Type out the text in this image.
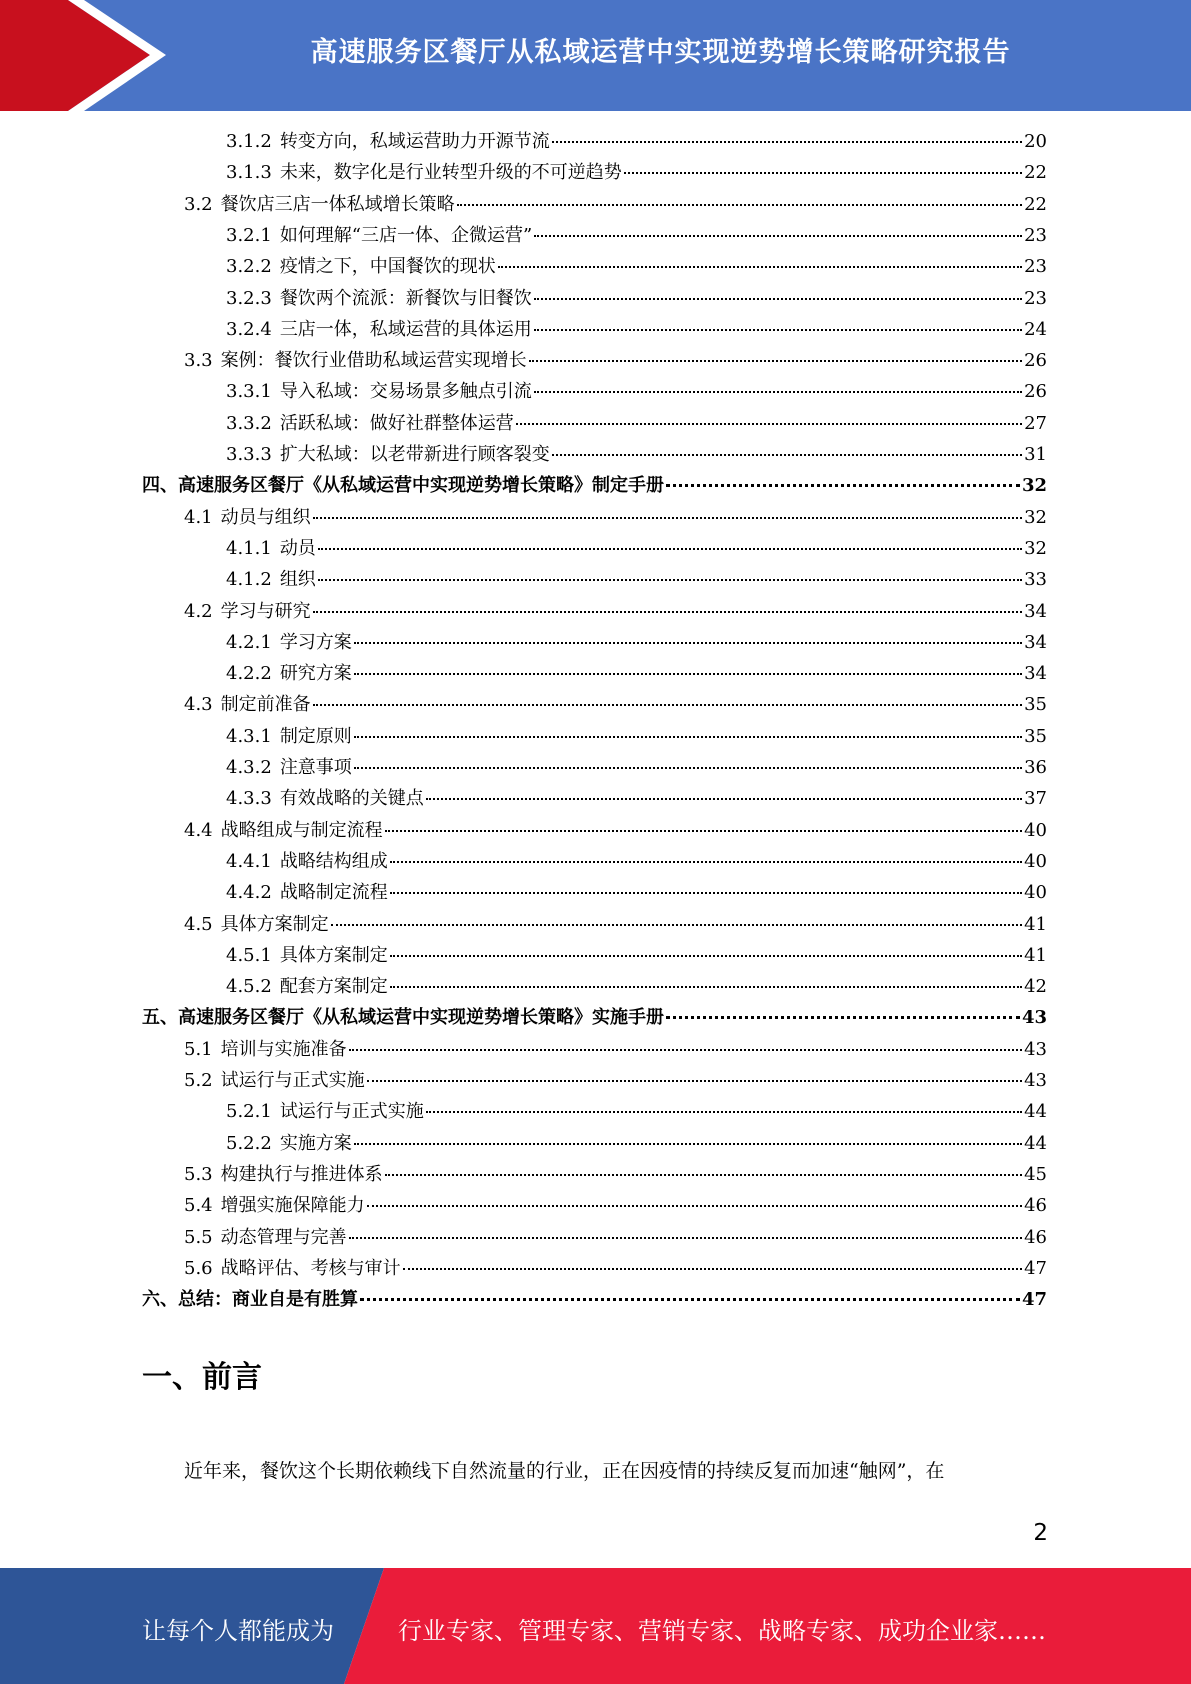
高速服务区餐厅从私域运营中实现逆势增长策略研究报告
3.1.2 转变方向，私域运营助力开源节流	20
3.1.3 未来，数字化是行业转型升级的不可逆趋势	22
3.2 餐饮店三店一体私域增长策略	22
3.2.1 如何理解“三店一体、企微运营”	23
3.2.2 疫情之下，中国餐饮的现状	23
3.2.3 餐饮两个流派：新餐饮与旧餐饮	23
3.2.4 三店一体，私域运营的具体运用	24
3.3 案例：餐饮行业借助私域运营实现增长	26
3.3.1 导入私域：交易场景多触点引流	26
3.3.2 活跃私域：做好社群整体运营	27
3.3.3 扩大私域：以老带新进行顾客裂变	31
四、高速服务区餐厅《从私域运营中实现逆势增长策略》制定手册	32
4.1 动员与组织	32
4.1.1 动员	32
4.1.2 组织	33
4.2 学习与研究	34
4.2.1 学习方案	34
4.2.2 研究方案	34
4.3 制定前准备	35
4.3.1 制定原则	35
4.3.2 注意事项	36
4.3.3 有效战略的关键点	37
4.4 战略组成与制定流程	40
4.4.1 战略结构组成	40
4.4.2 战略制定流程	40
4.5 具体方案制定	41
4.5.1 具体方案制定	41
4.5.2 配套方案制定	42
五、高速服务区餐厅《从私域运营中实现逆势增长策略》实施手册	43
5.1 培训与实施准备	43
5.2 试运行与正式实施	43
5.2.1 试运行与正式实施	44
5.2.2 实施方案	44
5.3 构建执行与推进体系	45
5.4 增强实施保障能力	46
5.5 动态管理与完善	46
5.6 战略评估、考核与审计	47
六、总结：商业自是有胜算	47
一、前言
近年来，餐饮这个长期依赖线下自然流量的行业，正在因疫情的持续反复而加速“触网”，在
2
让每个人都能成为	行业专家、管理专家、营销专家、战略专家、成功企业家……
